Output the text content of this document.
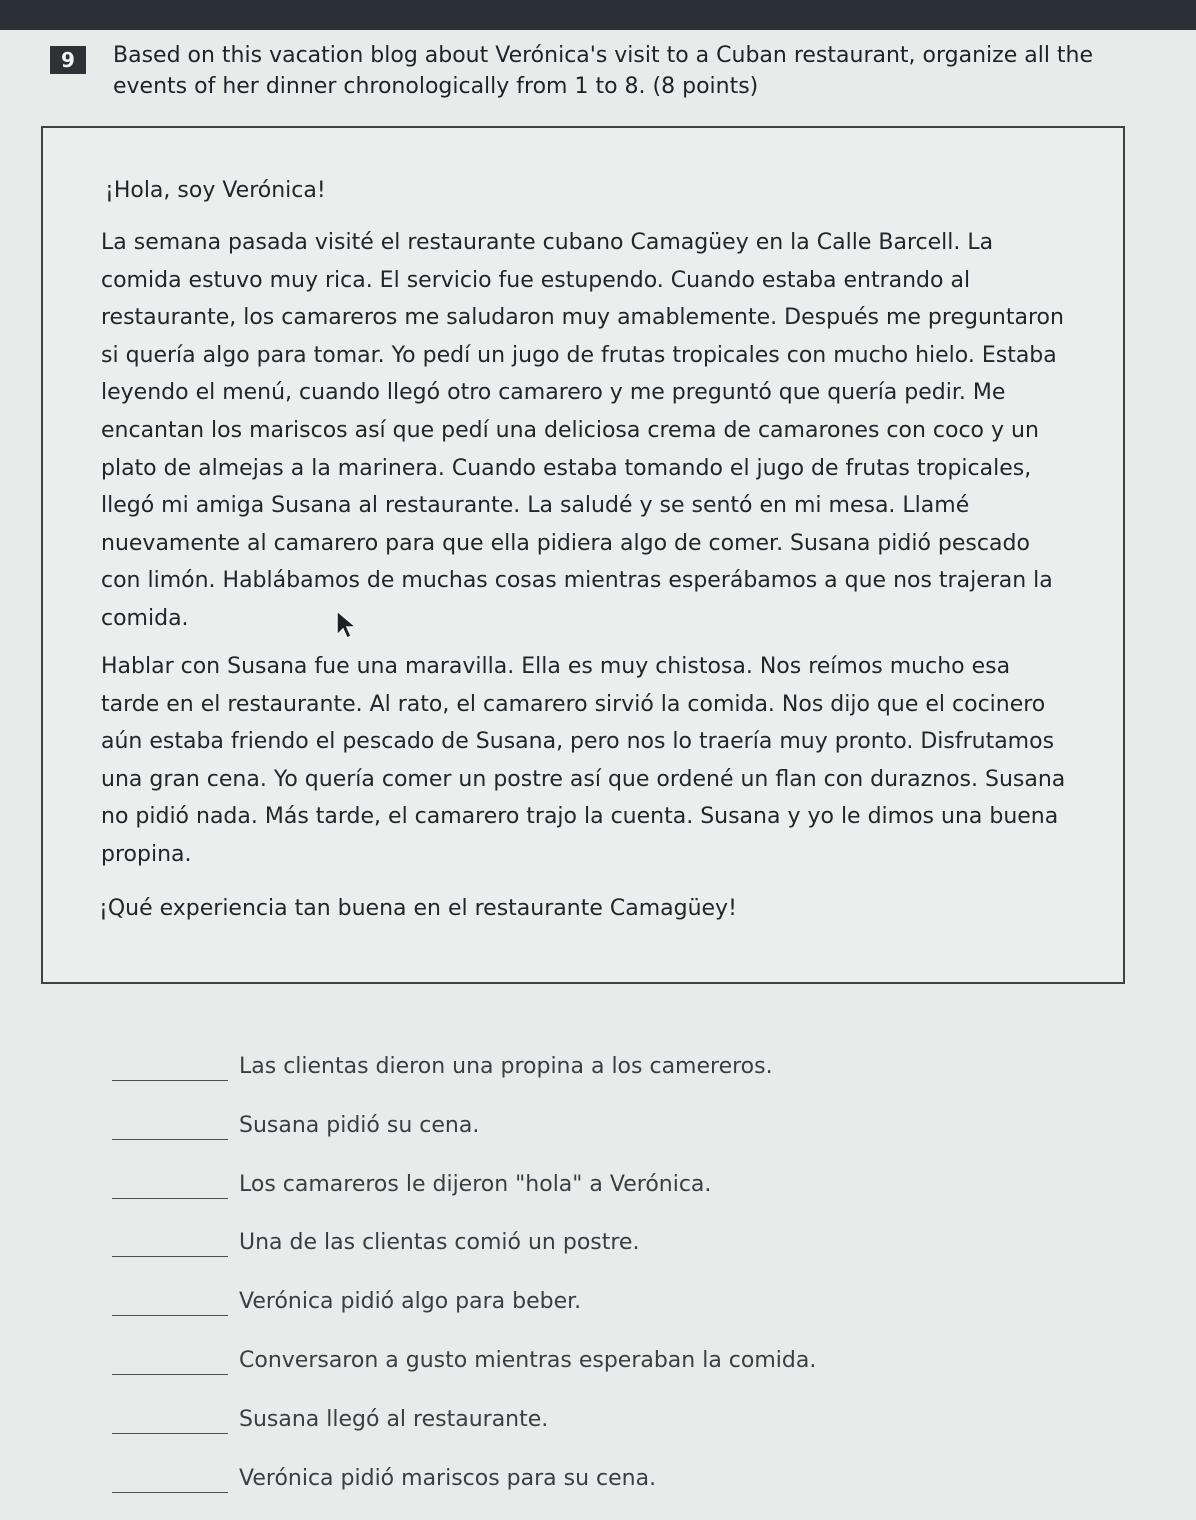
9	Based on this vacation blog about Verónica's visit to a Cuban restaurant, organize all the events of her dinner chronologically from 1 to 8. (8 points)
¡Hola, soy Verónica!

La semana pasada visité el restaurante cubano Camagüey en la Calle Barcell. La comida estuvo muy rica. El servicio fue estupendo. Cuando estaba entrando al restaurante, los camareros me saludaron muy amablemente. Después me preguntaron si quería algo para tomar. Yo pedí un jugo de frutas tropicales con mucho hielo. Estaba leyendo el menú, cuando llegó otro camarero y me preguntó que quería pedir. Me encantan los mariscos así que pedí una deliciosa crema de camarones con coco y un plato de almejas a la marinera. Cuando estaba tomando el jugo de frutas tropicales, llegó mi amiga Susana al restaurante. La saludé y se sentó en mi mesa. Llamé nuevamente al camarero para que ella pidiera algo de comer. Susana pidió pescado con limón. Hablábamos de muchas cosas mientras esperábamos a que nos trajeran la comida.

Hablar con Susana fue una maravilla. Ella es muy chistosa. Nos reímos mucho esa tarde en el restaurante. Al rato, el camarero sirvió la comida. Nos dijo que el cocinero aún estaba friendo el pescado de Susana, pero nos lo traería muy pronto. Disfrutamos una gran cena. Yo quería comer un postre así que ordené un flan con duraznos. Susana no pidió nada. Más tarde, el camarero trajo la cuenta. Susana y yo le dimos una buena propina.

¡Qué experiencia tan buena en el restaurante Camagüey!
Las clientas dieron una propina a los camereros.
Susana pidió su cena.
Los camareros le dijeron "hola" a Verónica.
Una de las clientas comió un postre.
Verónica pidió algo para beber.
Conversaron a gusto mientras esperaban la comida.
Susana llegó al restaurante.
Verónica pidió mariscos para su cena.
